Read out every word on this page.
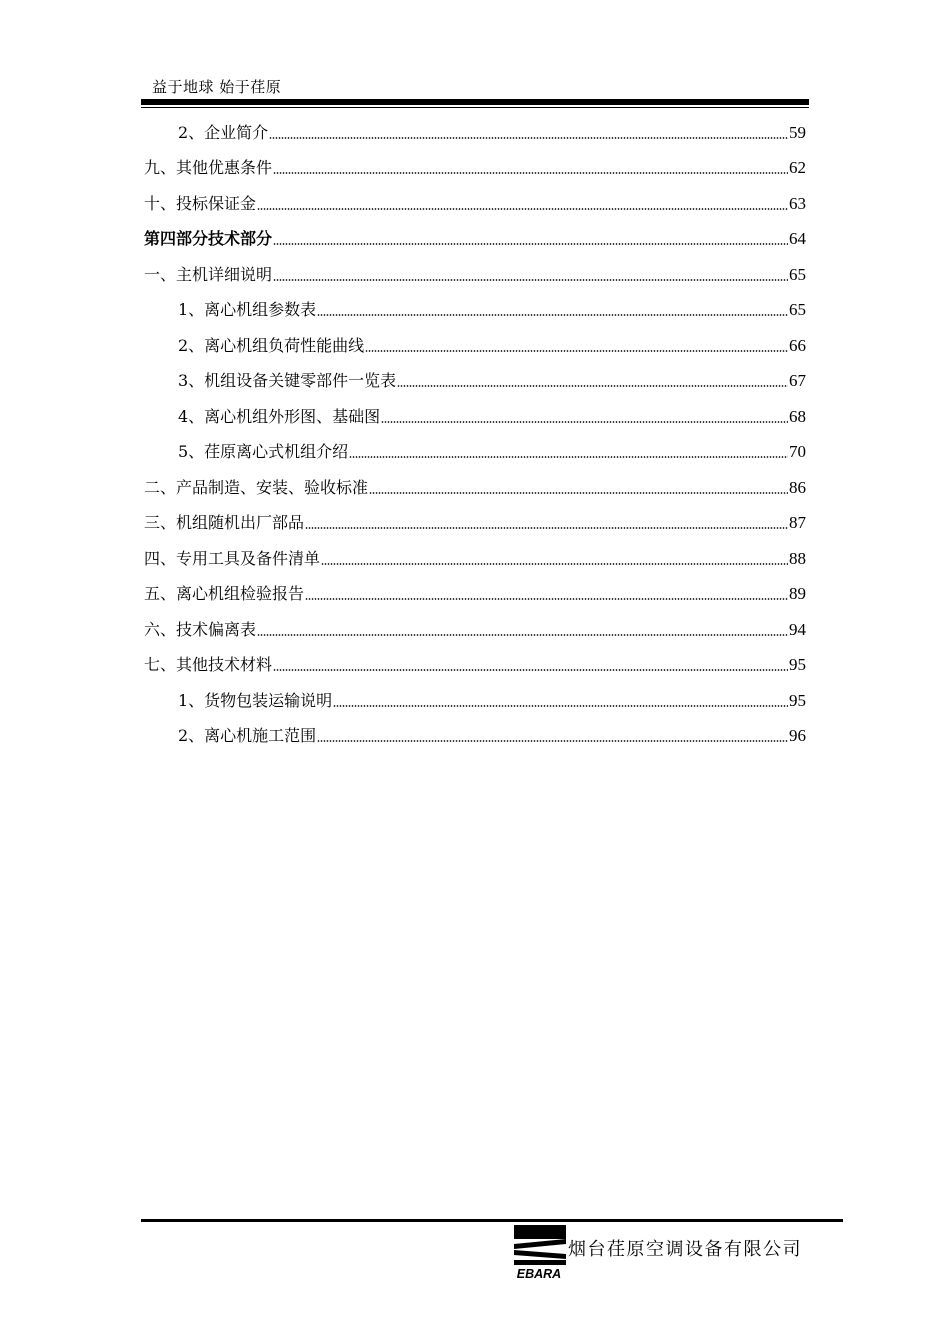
益于地球 始于荏原
2、企业简介	59
九、其他优惠条件	62
十、投标保证金	63
第四部分技术部分	64
一、主机详细说明	65
1、离心机组参数表	65
2、离心机组负荷性能曲线	66
3、机组设备关键零部件一览表	67
4、离心机组外形图、基础图	68
5、荏原离心式机组介绍	70
二、产品制造、安装、验收标准	86
三、机组随机出厂部品	87
四、专用工具及备件清单	88
五、离心机组检验报告	89
六、技术偏离表	94
七、其他技术材料	95
1、货物包装运输说明	95
2、离心机施工范围	96
EBARA
烟台荏原空调设备有限公司
